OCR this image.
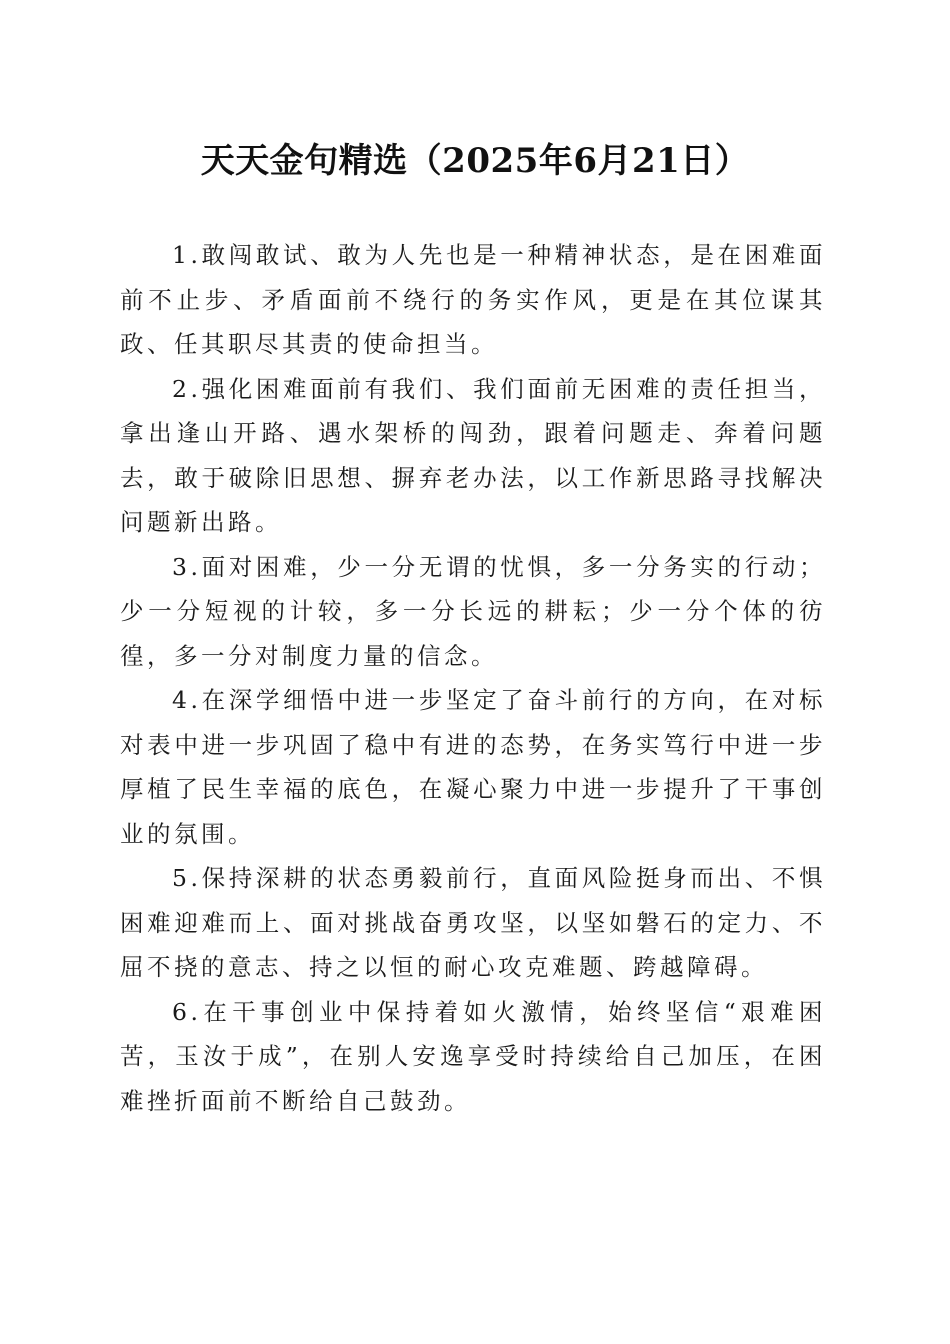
天天金句精选（2025年6月21日）

1.敢闯敢试、敢为人先也是一种精神状态，是在困难面前不止步、矛盾面前不绕行的务实作风，更是在其位谋其政、任其职尽其责的使命担当。

2.强化困难面前有我们、我们面前无困难的责任担当，拿出逢山开路、遇水架桥的闯劲，跟着问题走、奔着问题去，敢于破除旧思想、摒弃老办法，以工作新思路寻找解决问题新出路。

3.面对困难，少一分无谓的忧惧，多一分务实的行动；少一分短视的计较，多一分长远的耕耘；少一分个体的彷徨，多一分对制度力量的信念。

4.在深学细悟中进一步坚定了奋斗前行的方向，在对标对表中进一步巩固了稳中有进的态势，在务实笃行中进一步厚植了民生幸福的底色，在凝心聚力中进一步提升了干事创业的氛围。

5.保持深耕的状态勇毅前行，直面风险挺身而出、不惧困难迎难而上、面对挑战奋勇攻坚，以坚如磐石的定力、不屈不挠的意志、持之以恒的耐心攻克难题、跨越障碍。

6.在干事创业中保持着如火激情，始终坚信“艰难困苦，玉汝于成”，在别人安逸享受时持续给自己加压，在困难挫折面前不断给自己鼓劲。
